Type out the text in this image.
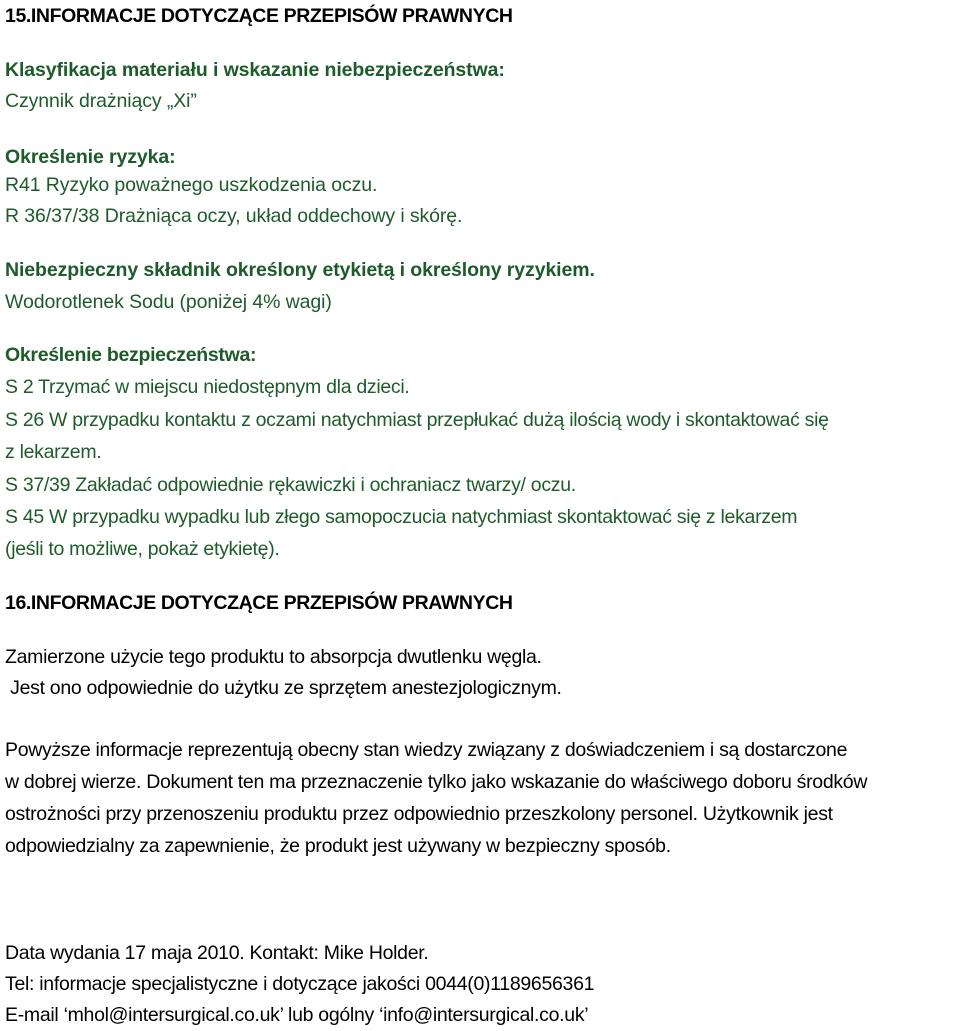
15.INFORMACJE DOTYCZĄCE PRZEPISÓW PRAWNYCH
Klasyfikacja materiału i wskazanie niebezpieczeństwa:
Czynnik drażniący „Xi”
Określenie ryzyka:
R41 Ryzyko poważnego uszkodzenia oczu.
R 36/37/38 Drażniąca oczy, układ oddechowy i skórę.
Niebezpieczny składnik określony etykietą i określony ryzykiem.
Wodorotlenek Sodu (poniżej 4% wagi)
Określenie bezpieczeństwa:
S 2 Trzymać w miejscu niedostępnym dla dzieci.
S 26 W przypadku kontaktu z oczami natychmiast przepłukać dużą ilością wody i skontaktować się
z lekarzem.
S 37/39 Zakładać odpowiednie rękawiczki i ochraniacz twarzy/ oczu.
S 45 W przypadku wypadku lub złego samopoczucia natychmiast skontaktować się z lekarzem
(jeśli to możliwe, pokaż etykietę).
16.INFORMACJE DOTYCZĄCE PRZEPISÓW PRAWNYCH
Zamierzone użycie tego produktu to absorpcja dwutlenku węgla.
Jest ono odpowiednie do użytku ze sprzętem anestezjologicznym.
Powyższe informacje reprezentują obecny stan wiedzy związany z doświadczeniem i są dostarczone
w dobrej wierze. Dokument ten ma przeznaczenie tylko jako wskazanie do właściwego doboru środków
ostrożności przy przenoszeniu produktu przez odpowiednio przeszkolony personel. Użytkownik jest
odpowiedzialny za zapewnienie, że produkt jest używany w bezpieczny sposób.
Data wydania 17 maja 2010. Kontakt: Mike Holder.
Tel: informacje specjalistyczne i dotyczące jakości 0044(0)1189656361
E-mail ‘mhol@intersurgical.co.uk’ lub ogólny ‘info@intersurgical.co.uk’
